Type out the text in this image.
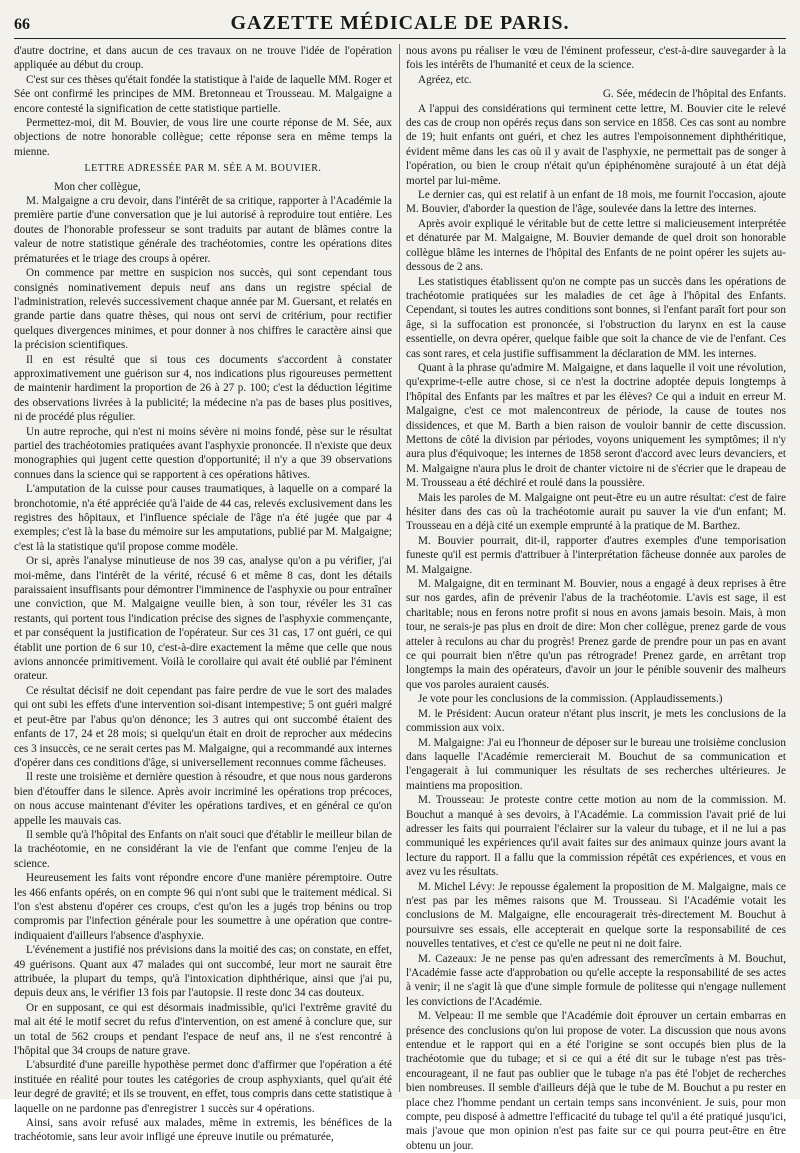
66	GAZETTE MÉDICALE DE PARIS.

d'autre doctrine, et dans aucun de ces travaux on ne trouve l'idée de l'opération appliquée au début du croup.

C'est sur ces thèses qu'était fondée la statistique à l'aide de laquelle MM. Roger et Sée ont confirmé les principes de MM. Bretonneau et Trousseau. M. Malgaigne a encore contesté la signification de cette statistique partielle.

Permettez-moi, dit M. Bouvier, de vous lire une courte réponse de M. Sée, aux objections de notre honorable collègue; cette réponse sera en même temps la mienne.

LETTRE ADRESSÉE PAR M. SÉE A M. BOUVIER.

Mon cher collègue,

M. Malgaigne a cru devoir, dans l'intérêt de sa critique, rapporter à l'Académie la première partie d'une conversation que je lui autorisé à reproduire tout entière. Les doutes de l'honorable professeur se sont traduits par autant de blâmes contre la valeur de notre statistique générale des trachéotomies, contre les opérations dites prématurées et le triage des croups à opérer.

On commence par mettre en suspicion nos succès, qui sont cependant tous consignés nominativement depuis neuf ans dans un registre spécial de l'administration, relevés successivement chaque année par M. Guersant, et relatés en grande partie dans quatre thèses, qui nous ont servi de critérium, pour rectifier quelques divergences minimes, et pour donner à nos chiffres le caractère ainsi que la précision scientifiques.

Il en est résulté que si tous ces documents s'accordent à constater approximativement une guérison sur 4, nos indications plus rigoureuses permettent de maintenir hardiment la proportion de 26 à 27 p. 100; c'est la déduction légitime des observations livrées à la publicité; la médecine n'a pas de bases plus positives, ni de procédé plus régulier.

Un autre reproche, qui n'est ni moins sévère ni moins fondé, pèse sur le résultat partiel des trachéotomies pratiquées avant l'asphyxie prononcée. Il n'existe que deux monographies qui jugent cette question d'opportunité; il n'y a que 39 observations connues dans la science qui se rapportent à ces opérations hâtives.

L'amputation de la cuisse pour causes traumatiques, à laquelle on a comparé la bronchotomie, n'a été appréciée qu'à l'aide de 44 cas, relevés exclusivement dans les registres des hôpitaux, et l'influence spéciale de l'âge n'a été jugée que par 4 exemples; c'est là la base du mémoire sur les amputations, publié par M. Malgaigne; c'est là la statistique qu'il propose comme modèle.

Or si, après l'analyse minutieuse de nos 39 cas, analyse qu'on a pu vérifier, j'ai moi-même, dans l'intérêt de la vérité, récusé 6 et même 8 cas, dont les détails paraissaient insuffisants pour démontrer l'imminence de l'asphyxie ou pour entraîner une conviction, que M. Malgaigne veuille bien, à son tour, révéler les 31 cas restants, qui portent tous l'indication précise des signes de l'asphyxie commençante, et par conséquent la justification de l'opérateur. Sur ces 31 cas, 17 ont guéri, ce qui établit une portion de 6 sur 10, c'est-à-dire exactement la même que celle que nous avions annoncée primitivement. Voilà le corollaire qui avait été oublié par l'éminent orateur.

Ce résultat décisif ne doit cependant pas faire perdre de vue le sort des malades qui ont subi les effets d'une intervention soi-disant intempestive; 5 ont guéri malgré et peut-être par l'abus qu'on dénonce; les 3 autres qui ont succombé étaient des enfants de 17, 24 et 28 mois; si quelqu'un était en droit de reprocher aux médecins ces 3 insuccès, ce ne serait certes pas M. Malgaigne, qui a recommandé aux internes d'opérer dans ces conditions d'âge, si universellement reconnues comme fâcheuses.

Il reste une troisième et dernière question à résoudre, et que nous nous garderons bien d'étouffer dans le silence. Après avoir incriminé les opérations trop précoces, on nous accuse maintenant d'éviter les opérations tardives, et en général ce qu'on appelle les mauvais cas.

Il semble qu'à l'hôpital des Enfants on n'ait souci que d'établir le meilleur bilan de la trachéotomie, en ne considérant la vie de l'enfant que comme l'enjeu de la science.

Heureusement les faits vont répondre encore d'une manière péremptoire. Outre les 466 enfants opérés, on en compte 96 qui n'ont subi que le traitement médical. Si l'on s'est abstenu d'opérer ces croups, c'est qu'on les a jugés trop bénins ou trop compromis par l'infection générale pour les soumettre à une opération que contre-indiquaient d'ailleurs l'absence d'asphyxie.

L'événement a justifié nos prévisions dans la moitié des cas; on constate, en effet, 49 guérisons. Quant aux 47 malades qui ont succombé, leur mort ne saurait être attribuée, la plupart du temps, qu'à l'intoxication diphthérique, ainsi que j'ai pu, depuis deux ans, le vérifier 13 fois par l'autopsie. Il reste donc 34 cas douteux.

Or en supposant, ce qui est désormais inadmissible, qu'ici l'extrême gravité du mal ait été le motif secret du refus d'intervention, on est amené à conclure que, sur un total de 562 croups et pendant l'espace de neuf ans, il ne s'est rencontré à l'hôpital que 34 croups de nature grave.

L'absurdité d'une pareille hypothèse permet donc d'affirmer que l'opération a été instituée en réalité pour toutes les catégories de croup asphyxiants, quel qu'ait été leur degré de gravité; et ils se trouvent, en effet, tous compris dans cette statistique à laquelle on ne pardonne pas d'enregistrer 1 succès sur 4 opérations.

Ainsi, sans avoir refusé aux malades, même in extremis, les bénéfices de la trachéotomie, sans leur avoir infligé une épreuve inutile ou prématurée,

nous avons pu réaliser le vœu de l'éminent professeur, c'est-à-dire sauvegarder à la fois les intérêts de l'humanité et ceux de la science.

Agréez, etc.

G. Sée, médecin de l'hôpital des Enfants.

A l'appui des considérations qui terminent cette lettre, M. Bouvier cite le relevé des cas de croup non opérés reçus dans son service en 1858. Ces cas sont au nombre de 19; huit enfants ont guéri, et chez les autres l'empoisonnement diphthéritique, évident même dans les cas où il y avait de l'asphyxie, ne permettait pas de songer à l'opération, ou bien le croup n'était qu'un épiphénomène surajouté à un état déjà mortel par lui-même.

Le dernier cas, qui est relatif à un enfant de 18 mois, me fournit l'occasion, ajoute M. Bouvier, d'aborder la question de l'âge, soulevée dans la lettre des internes.

Après avoir expliqué le véritable but de cette lettre si malicieusement interprétée et dénaturée par M. Malgaigne, M. Bouvier demande de quel droit son honorable collègue blâme les internes de l'hôpital des Enfants de ne point opérer les sujets au-dessous de 2 ans.

Les statistiques établissent qu'on ne compte pas un succès dans les opérations de trachéotomie pratiquées sur les maladies de cet âge à l'hôpital des Enfants. Cependant, si toutes les autres conditions sont bonnes, si l'enfant paraît fort pour son âge, si la suffocation est prononcée, si l'obstruction du larynx en est la cause essentielle, on devra opérer, quelque faible que soit la chance de vie de l'enfant. Ces cas sont rares, et cela justifie suffisamment la déclaration de MM. les internes.

Quant à la phrase qu'admire M. Malgaigne, et dans laquelle il voit une révolution, qu'exprime-t-elle autre chose, si ce n'est la doctrine adoptée depuis longtemps à l'hôpital des Enfants par les maîtres et par les élèves? Ce qui a induit en erreur M. Malgaigne, c'est ce mot malencontreux de période, la cause de toutes nos dissidences, et que M. Barth a bien raison de vouloir bannir de cette discussion. Mettons de côté la division par périodes, voyons uniquement les symptômes; il n'y aura plus d'équivoque; les internes de 1858 seront d'accord avec leurs devanciers, et M. Malgaigne n'aura plus le droit de chanter victoire ni de s'écrier que le drapeau de M. Trousseau a été déchiré et roulé dans la poussière.

Mais les paroles de M. Malgaigne ont peut-être eu un autre résultat: c'est de faire hésiter dans des cas où la trachéotomie aurait pu sauver la vie d'un enfant; M. Trousseau en a déjà cité un exemple emprunté à la pratique de M. Barthez.

M. Bouvier pourrait, dit-il, rapporter d'autres exemples d'une temporisation funeste qu'il est permis d'attribuer à l'interprétation fâcheuse donnée aux paroles de M. Malgaigne.

M. Malgaigne, dit en terminant M. Bouvier, nous a engagé à deux reprises à être sur nos gardes, afin de prévenir l'abus de la trachéotomie. L'avis est sage, il est charitable; nous en ferons notre profit si nous en avons jamais besoin. Mais, à mon tour, ne serais-je pas plus en droit de dire: Mon cher collègue, prenez garde de vous atteler à reculons au char du progrès! Prenez garde de prendre pour un pas en avant ce qui pourrait bien n'être qu'un pas rétrograde! Prenez garde, en arrêtant trop longtemps la main des opérateurs, d'avoir un jour le pénible souvenir des malheurs que vos paroles auraient causés.

Je vote pour les conclusions de la commission. (Applaudissements.)

M. le Président: Aucun orateur n'étant plus inscrit, je mets les conclusions de la commission aux voix.

M. Malgaigne: J'ai eu l'honneur de déposer sur le bureau une troisième conclusion dans laquelle l'Académie remercierait M. Bouchut de sa communication et l'engagerait à lui communiquer les résultats de ses recherches ultérieures. Je maintiens ma proposition.

M. Trousseau: Je proteste contre cette motion au nom de la commission. M. Bouchut a manqué à ses devoirs, à l'Académie. La commission l'avait prié de lui adresser les faits qui pourraient l'éclairer sur la valeur du tubage, et il ne lui a pas communiqué les expériences qu'il avait faites sur des animaux quinze jours avant la lecture du rapport. Il a fallu que la commission répétât ces expériences, et vous en avez vu les résultats.

M. Michel Lévy: Je repousse également la proposition de M. Malgaigne, mais ce n'est pas par les mêmes raisons que M. Trousseau. Si l'Académie votait les conclusions de M. Malgaigne, elle encouragerait très-directement M. Bouchut à poursuivre ses essais, elle accepterait en quelque sorte la responsabilité de ces nouvelles tentatives, et c'est ce qu'elle ne peut ni ne doit faire.

M. Cazeaux: Je ne pense pas qu'en adressant des remercîments à M. Bouchut, l'Académie fasse acte d'approbation ou qu'elle accepte la responsabilité de ses actes à venir; il ne s'agit là que d'une simple formule de politesse qui n'engage nullement les convictions de l'Académie.

M. Velpeau: Il me semble que l'Académie doit éprouver un certain embarras en présence des conclusions qu'on lui propose de voter. La discussion que nous avons entendue et le rapport qui en a été l'origine se sont occupés bien plus de la trachéotomie que du tubage; et si ce qui a été dit sur le tubage n'est pas très-encourageant, il ne faut pas oublier que le tubage n'a pas été l'objet de recherches bien nombreuses. Il semble d'ailleurs déjà que le tube de M. Bouchut a pu rester en place chez l'homme pendant un certain temps sans inconvénient. Je suis, pour mon compte, peu disposé à admettre l'efficacité du tubage tel qu'il a été pratiqué jusqu'ici, mais j'avoue que mon opinion n'est pas faite sur ce qui pourra peut-être en être obtenu un jour.
